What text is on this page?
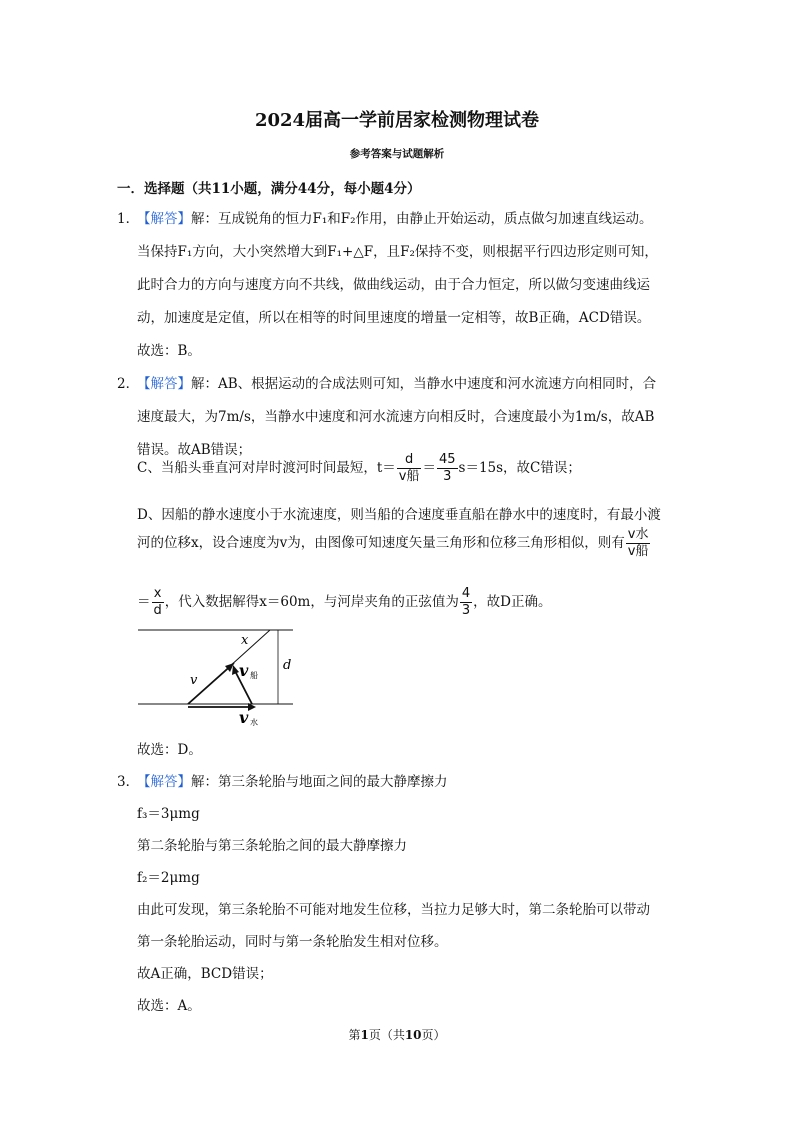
2024届高一学前居家检测物理试卷
参考答案与试题解析
一．选择题（共11小题，满分44分，每小题4分）
1．
【解答】解：互成锐角的恒力F₁和F₂作用，由静止开始运动，质点做匀加速直线运动。
当保持F₁方向，大小突然增大到F₁+△F，且F₂保持不变，则根据平行四边形定则可知，
此时合力的方向与速度方向不共线，做曲线运动，由于合力恒定，所以做匀变速曲线运
动，加速度是定值，所以在相等的时间里速度的增量一定相等，故B正确，ACD错误。
故选：B。
2．
【解答】解：AB、根据运动的合成法则可知，当静水中速度和河水流速方向相同时，合
速度最大，为7m/s，当静水中速度和河水流速方向相反时，合速度最小为1m/s，故AB
错误。故AB错误；
C、当船头垂直河对岸时渡河时间最短，$t= \frac{d}{\text{v船}} = \frac{45}{3} s=15s$，故C错误；
D、因船的静水速度小于水流速度，则当船的合速度垂直船在静水中的速度时，有最小渡
河的位移x，设合速度为v为，由图像可知速度矢量三角形和位移三角形相似，则有 $\frac{\text{v水}}{\text{v船}}$
＝ $\frac{x}{d}$ ，代入数据解得x＝60m，与河岸夹角的正弦值为 $\frac{4}{3}$ ，故D正确。
x
d
v
v 船
v 水
故选：D。
3．
【解答】解：第三条轮胎与地面之间的最大静摩擦力
f₃＝3μmg
第二条轮胎与第三条轮胎之间的最大静摩擦力
f₂＝2μmg
由此可发现，第三条轮胎不可能对地发生位移，当拉力足够大时，第二条轮胎可以带动
第一条轮胎运动，同时与第一条轮胎发生相对位移。
故A正确，BCD错误；
故选：A。
第1页（共10页）
